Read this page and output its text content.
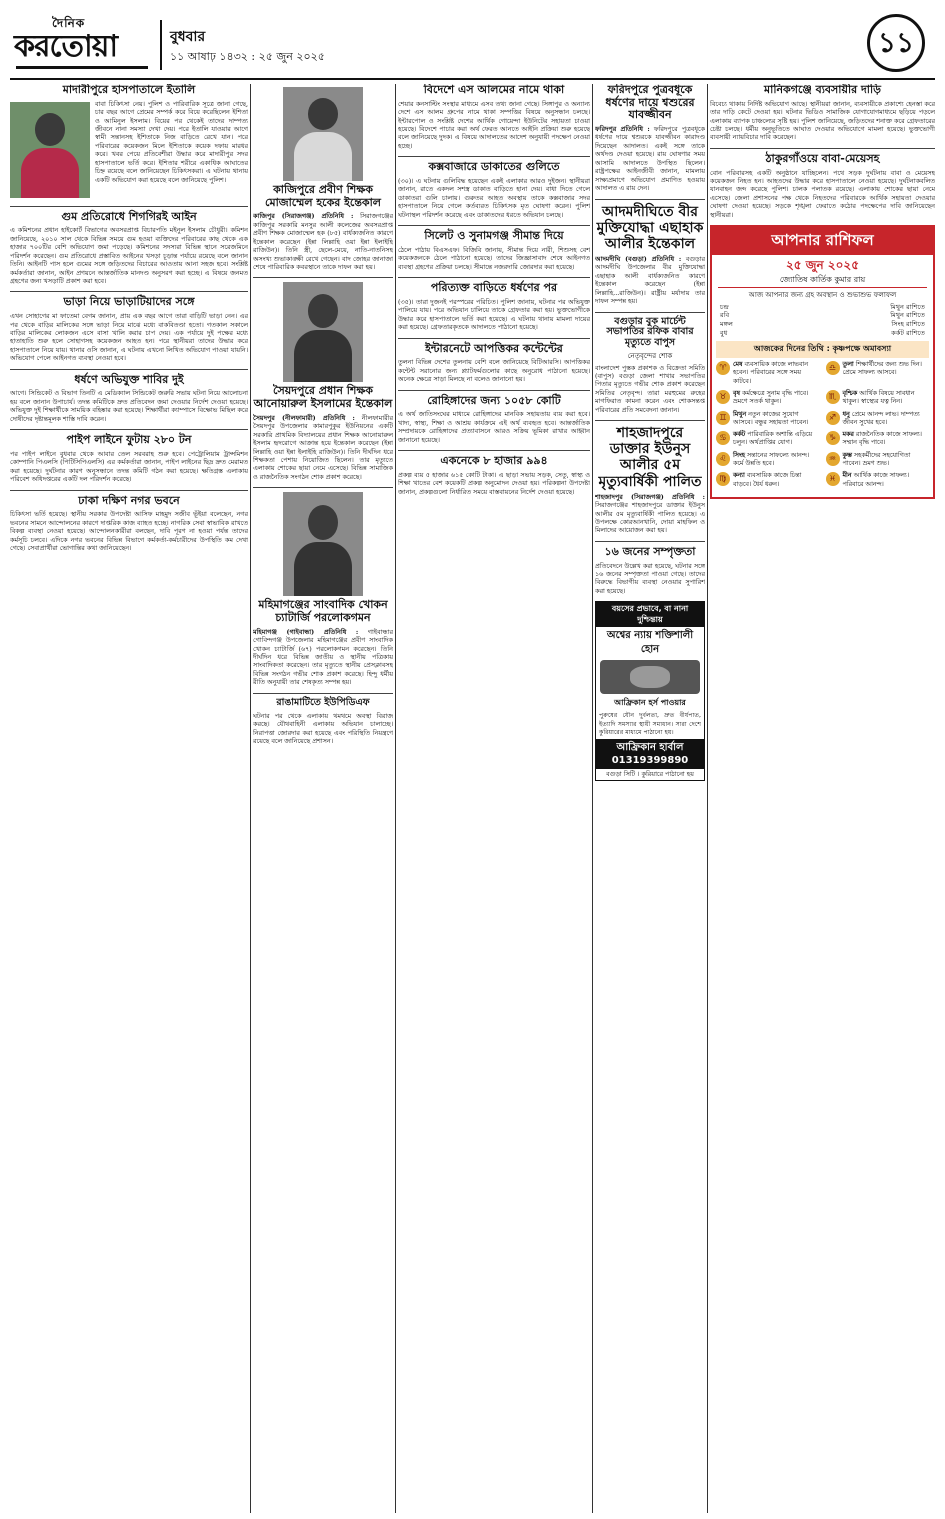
দৈনিক
করতোয়া	বুধবার
১১ আষাঢ় ১৪৩২ : ২৫ জুন ২০২৫	১১
মাদারীপুরে হাসপাতালে ইতালি

বাবা চিকিৎসা নেয়। পুলিশ ও পারিবারিক সূত্রে জানা গেছে, চার বছর আগে প্রেমের সম্পর্ক করে বিয়ে করেছিলেন ইশিতা ও আমিনুল ইসলাম। বিয়ের পর থেকেই তাদের দাম্পত্য জীবনে নানা সমস্যা দেখা দেয়। পরে ইতালি যাওয়ার আগে স্বামী সন্তানসহ ইশিতাকে নিজ বাড়িতে রেখে যান। পরে পরিবারের কয়েকজন মিলে ইশিতাকে কয়েক দফায় মারধর করে। খবর পেয়ে প্রতিবেশীরা উদ্ধার করে মাদারীপুর সদর হাসপাতালে ভর্তি করে। ইশিতার শরীরে একাধিক আঘাতের চিহ্ন রয়েছে বলে জানিয়েছেন চিকিৎসকরা। এ ঘটনায় থানায় একটি অভিযোগ করা হয়েছে বলে জানিয়েছে পুলিশ।

গুম প্রতিরোধে শিগগিরই আইন

এ কমিশনের প্রধান হাইকোর্ট বিভাগের অবসরপ্রাপ্ত বিচারপতি মইনুল ইসলাম চৌধুরী। কমিশন জানিয়েছে, ২০১০ সাল থেকে বিভিন্ন সময়ে গুম হওয়া ব্যক্তিদের পরিবারের কাছ থেকে এক হাজার ৭০০টির বেশি অভিযোগ জমা পড়েছে। কমিশনের সদস্যরা বিভিন্ন স্থানে সরেজমিনে পরিদর্শন করেছেন। গুম প্রতিরোধে প্রস্তাবিত আইনের খসড়া চূড়ান্ত পর্যায়ে রয়েছে বলে জানান তিনি। আইনটি পাস হলে গুমের সঙ্গে জড়িতদের বিচারের আওতায় আনা সহজ হবে। সংশ্লিষ্ট কর্মকর্তারা জানান, আইন প্রণয়নে আন্তর্জাতিক মানদণ্ড অনুসরণ করা হচ্ছে। এ বিষয়ে জনমত গ্রহণের জন্য খসড়াটি প্রকাশ করা হবে।

ভাড়া নিয়ে ভাড়াটিয়াদের সঙ্গে

এখন সোহাগের মা ফাতেমা বেগম জানান, প্রায় এক বছর আগে তারা বাড়িটি ভাড়া নেন। এর পর থেকে বাড়ির মালিকের সঙ্গে ভাড়া নিয়ে মাঝে মধ্যে বাকবিতণ্ডা হতো। গতকাল সকালে বাড়ির মালিকের লোকজন এসে বাসা খালি করার চাপ দেয়। এক পর্যায়ে দুই পক্ষের মধ্যে হাতাহাতি শুরু হলে সোহাগসহ কয়েকজন আহত হন। পরে স্থানীয়রা তাদের উদ্ধার করে হাসপাতালে নিয়ে যায়। থানার ওসি জানান, এ ঘটনায় এখনো লিখিত অভিযোগ পাওয়া যায়নি। অভিযোগ পেলে আইনগত ব্যবস্থা নেওয়া হবে।

ধর্ষণে অভিযুক্ত শাবির দুই

আগে। সিন্ডিকেট ও বিভাগ তিনটি এ মেডিক্যাল সিন্ডিকেট জরুরি সভায় ঘটনা নিয়ে আলোচনা হয় বলে জানান উপাচার্য। তদন্ত কমিটিকে দ্রুত প্রতিবেদন জমা দেওয়ার নির্দেশ দেওয়া হয়েছে। অভিযুক্ত দুই শিক্ষার্থীকে সাময়িক বহিষ্কার করা হয়েছে। শিক্ষার্থীরা ক্যাম্পাসে বিক্ষোভ মিছিল করে দোষীদের দৃষ্টান্তমূলক শাস্তি দাবি করেন।

পাইপ লাইনে ফুটায় ২৮০ টন

পর পাইপ লাইনে বুধবার থেকে আবার তেল সরবরাহ শুরু হবে। পেট্রোলিয়াম ট্রান্সমিশন কোম্পানি পিএলসি (পিটিসিপিএলসি) এর কর্মকর্তারা জানান, পাইপ লাইনের ছিদ্র দ্রুত মেরামত করা হয়েছে। দুর্ঘটনার কারণ অনুসন্ধানে তদন্ত কমিটি গঠন করা হয়েছে। ক্ষতিগ্রস্ত এলাকায় পরিবেশ অধিদপ্তরের একটি দল পরিদর্শন করেছে।

ঢাকা দক্ষিণ নগর ভবনে

চিকিৎসা ভর্তি হয়েছে। স্থানীয় সরকার উপদেষ্টা আসিফ মাহমুদ সজীব ভূঁইয়া বলেছেন, নগর ভবনের সামনে আন্দোলনের কারণে দাপ্তরিক কাজ ব্যাহত হচ্ছে। নাগরিক সেবা স্বাভাবিক রাখতে বিকল্প ব্যবস্থা নেওয়া হয়েছে। আন্দোলনকারীরা বলছেন, দাবি পূরণ না হওয়া পর্যন্ত তাদের কর্মসূচি চলবে। এদিকে নগর ভবনের বিভিন্ন বিভাগে কর্মকর্তা-কর্মচারীদের উপস্থিতি কম দেখা গেছে। সেবাপ্রার্থীরা ভোগান্তির কথা জানিয়েছেন।

কাজিপুরে প্রবীণ শিক্ষক মোজাম্মেল হকের ইন্তেকাল

কাজিপুর (সিরাজগঞ্জ) প্রতিনিধি : সিরাজগঞ্জের কাজিপুর সরকারি মনসুর আলী কলেজের অবসরপ্রাপ্ত প্রবীণ শিক্ষক মোজাম্মেল হক (৮৫) বার্ধক্যজনিত কারণে ইন্তেকাল করেছেন (ইন্না লিল্লাহি ওয়া ইন্না ইলাইহি রাজিউন)। তিনি স্ত্রী, ছেলে-মেয়ে, নাতি-নাতনিসহ অসংখ্য শুভাকাঙ্ক্ষী রেখে গেছেন। বাদ জোহর জানাজা শেষে পারিবারিক কবরস্থানে তাকে দাফন করা হয়।

সৈয়দপুরে প্রধান শিক্ষক আনোয়ারুল ইসলামের ইন্তেকাল

সৈয়দপুর (নীলফামারী) প্রতিনিধি : নীলফামারীর সৈয়দপুর উপজেলার কামারপুকুর ইউনিয়নের একটি সরকারি প্রাথমিক বিদ্যালয়ের প্রধান শিক্ষক আনোয়ারুল ইসলাম হৃদরোগে আক্রান্ত হয়ে ইন্তেকাল করেছেন (ইন্না লিল্লাহি ওয়া ইন্না ইলাইহি রাজিউন)। তিনি দীর্ঘদিন ধরে শিক্ষকতা পেশায় নিয়োজিত ছিলেন। তার মৃত্যুতে এলাকায় শোকের ছায়া নেমে এসেছে। বিভিন্ন সামাজিক ও রাজনৈতিক সংগঠন শোক প্রকাশ করেছে।

মহিমাগঞ্জের সাংবাদিক খোকন চ্যাটার্জি পরলোকগমন

মহিমাগঞ্জ (গাইবান্ধা) প্রতিনিধি : গাইবান্ধার গোবিন্দগঞ্জ উপজেলার মহিমাগঞ্জের প্রবীণ সাংবাদিক খোকন চ্যাটার্জি (৬৭) পরলোকগমন করেছেন। তিনি দীর্ঘদিন ধরে বিভিন্ন জাতীয় ও স্থানীয় পত্রিকায় সাংবাদিকতা করেছেন। তার মৃত্যুতে স্থানীয় প্রেসক্লাবসহ বিভিন্ন সংগঠন গভীর শোক প্রকাশ করেছে। হিন্দু ধর্মীয় রীতি অনুযায়ী তার শেষকৃত্য সম্পন্ন হয়।

রাঙামাটিতে ইউপিডিএফ

ঘটনার পর থেকে এলাকায় থমথমে অবস্থা বিরাজ করছে। যৌথবাহিনী এলাকায় অভিযান চালাচ্ছে। নিরাপত্তা জোরদার করা হয়েছে এবং পরিস্থিতি নিয়ন্ত্রণে রয়েছে বলে জানিয়েছে প্রশাসন।

বিদেশে এস আলমের নামে থাকা

শেয়ার কনসাল্টিং সংস্থার মাধ্যমে এসব তথ্য জানা গেছে। সিঙ্গাপুর ও অন্যান্য দেশে এস আলম গ্রুপের নামে থাকা সম্পত্তির বিষয়ে অনুসন্ধান চলছে। ইন্টারপোল ও সংশ্লিষ্ট দেশের আর্থিক গোয়েন্দা ইউনিটের সহায়তা চাওয়া হয়েছে। বিদেশে পাচার করা অর্থ ফেরত আনতে আইনি প্রক্রিয়া শুরু হয়েছে বলে জানিয়েছে দুদক। এ বিষয়ে আদালতের আদেশ অনুযায়ী পদক্ষেপ নেওয়া হচ্ছে।

কক্সবাজারে ডাকাতের গুলিতে

(৩০)। এ ঘটনায় গুলিবিদ্ধ হয়েছেন একই এলাকার আরও দুইজন। স্থানীয়রা জানান, রাতে একদল সশস্ত্র ডাকাত বাড়িতে হানা দেয়। বাধা দিতে গেলে ডাকাতরা গুলি চালায়। গুরুতর আহত অবস্থায় তাকে কক্সবাজার সদর হাসপাতালে নিয়ে গেলে কর্তব্যরত চিকিৎসক মৃত ঘোষণা করেন। পুলিশ ঘটনাস্থল পরিদর্শন করেছে এবং ডাকাতদের ধরতে অভিযান চলছে।

সিলেট ও সুনামগঞ্জ সীমান্ত দিয়ে

ঠেলে পাঠায় বিএসএফ। বিজিবি জানায়, সীমান্ত দিয়ে নারী, শিশুসহ বেশ কয়েকজনকে ঠেলে পাঠানো হয়েছে। তাদের জিজ্ঞাসাবাদ শেষে আইনগত ব্যবস্থা গ্রহণের প্রক্রিয়া চলছে। সীমান্তে নজরদারি জোরদার করা হয়েছে।

পরিত্যক্ত বাড়িতে ধর্ষণের পর

(৩৫)। তারা দুজনই পরস্পরের পরিচিত। পুলিশ জানায়, ঘটনার পর অভিযুক্ত পালিয়ে যায়। পরে অভিযান চালিয়ে তাকে গ্রেফতার করা হয়। ভুক্তভোগীকে উদ্ধার করে হাসপাতালে ভর্তি করা হয়েছে। এ ঘটনায় থানায় মামলা দায়ের করা হয়েছে। গ্রেফতারকৃতকে আদালতে পাঠানো হয়েছে।

ইন্টারনেটে আপত্তিকর কন্টেন্টের

তুলনা বিভিন্ন দেশের তুলনায় বেশি বলে জানিয়েছে বিটিআরসি। আপত্তিকর কন্টেন্ট সরানোর জন্য প্ল্যাটফর্মগুলোর কাছে অনুরোধ পাঠানো হয়েছে। অনেক ক্ষেত্রে সাড়া মিলছে না বলেও জানানো হয়।

রোহিঙ্গাদের জন্য ১০৫৮ কোটি

এ অর্থ জাতিসংঘের মাধ্যমে রোহিঙ্গাদের মানবিক সহায়তায় ব্যয় করা হবে। খাদ্য, স্বাস্থ্য, শিক্ষা ও আশ্রয় কার্যক্রমে এই অর্থ ব্যবহৃত হবে। আন্তর্জাতিক সম্প্রদায়কে রোহিঙ্গাদের প্রত্যাবাসনে আরও সক্রিয় ভূমিকা রাখার আহ্বান জানানো হয়েছে।

একনেকে ৮ হাজার ৯৯৪

প্রকল্প ব্যয় ৫ হাজার ৬১৫ কোটি টাকা। এ ছাড়া সভায় সড়ক, সেতু, স্বাস্থ্য ও শিক্ষা খাতের বেশ কয়েকটি প্রকল্প অনুমোদন দেওয়া হয়। পরিকল্পনা উপদেষ্টা জানান, প্রকল্পগুলো নির্ধারিত সময়ে বাস্তবায়নের নির্দেশ দেওয়া হয়েছে।

ফরিদপুরে পুত্রবধূকে ধর্ষণের দায়ে শ্বশুরের যাবজ্জীবন

ফরিদপুর প্রতিনিধি : ফরিদপুরে পুত্রবধূকে ধর্ষণের দায়ে শ্বশুরকে যাবজ্জীবন কারাদণ্ড দিয়েছেন আদালত। একই সঙ্গে তাকে অর্থদণ্ড দেওয়া হয়েছে। রায় ঘোষণার সময় আসামি আদালতে উপস্থিত ছিলেন। রাষ্ট্রপক্ষের আইনজীবী জানান, মামলায় সাক্ষ্যপ্রমাণে অভিযোগ প্রমাণিত হওয়ায় আদালত এ রায় দেন।

আদমদীঘিতে বীর মুক্তিযোদ্ধা এছাহাক আলীর ইন্তেকাল

আদমদীঘি (বগুড়া) প্রতিনিধি : বগুড়ার আদমদীঘি উপজেলার বীর মুক্তিযোদ্ধা এছাহাক আলী বার্ধক্যজনিত কারণে ইন্তেকাল করেছেন (ইন্না লিল্লাহি...রাজিউন)। রাষ্ট্রীয় মর্যাদায় তার দাফন সম্পন্ন হয়।

বগুড়ার বুক মার্চেন্ট সভাপতির রফিক বাবার মৃত্যুতে বাপুস
নেতৃবৃন্দের শোক

বাংলাদেশ পুস্তক প্রকাশক ও বিক্রেতা সমিতি (বাপুস) বগুড়া জেলা শাখার সভাপতির পিতার মৃত্যুতে গভীর শোক প্রকাশ করেছেন সমিতির নেতৃবৃন্দ। তারা মরহুমের রুহের মাগফিরাত কামনা করেন এবং শোকসন্তপ্ত পরিবারের প্রতি সমবেদনা জানান।

শাহজাদপুরে ডাক্তার ইউনুস আলীর ৫ম মৃত্যুবার্ষিকী পালিত

শাহজাদপুর (সিরাজগঞ্জ) প্রতিনিধি : সিরাজগঞ্জের শাহজাদপুরে ডাক্তার ইউনুস আলীর ৫ম মৃত্যুবার্ষিকী পালিত হয়েছে। এ উপলক্ষে কোরআনখানি, দোয়া মাহফিল ও মিলাদের আয়োজন করা হয়।

১৬ জনের সম্পৃক্ততা

প্রতিবেদনে উল্লেখ করা হয়েছে, ঘটনার সঙ্গে ১৬ জনের সম্পৃক্ততা পাওয়া গেছে। তাদের বিরুদ্ধে বিভাগীয় ব্যবস্থা নেওয়ার সুপারিশ করা হয়েছে।

বয়সের প্রভাবে, বা নানা দুশ্চিন্তায়
অশ্বের ন্যায় শক্তিশালী হোন
আফ্রিকান হর্স পাওয়ার
পুরুষের যৌন দুর্বলতা, দ্রুত বীর্যপাত, ইত্যাদি সমস্যার স্থায়ী সমাধান। সারা দেশে কুরিয়ারের মাধ্যমে পাঠানো হয়।
আফ্রিকান হার্বাল 01319399890
বগুড়া সিটি । কুরিয়ারে পাঠানো হয়
মানিকগঞ্জে ব্যবসায়ীর দাড়ি

বিবেচ্য থাকায় নির্দিষ্ট অভিযোগ আছে। স্থানীয়রা জানান, ব্যবসায়ীকে প্রকাশ্যে হেনস্তা করে তার দাড়ি কেটে দেওয়া হয়। ঘটনার ভিডিও সামাজিক যোগাযোগমাধ্যমে ছড়িয়ে পড়লে এলাকায় ব্যাপক চাঞ্চল্যের সৃষ্টি হয়। পুলিশ জানিয়েছে, জড়িতদের শনাক্ত করে গ্রেফতারের চেষ্টা চলছে। ধর্মীয় অনুভূতিতে আঘাত দেওয়ার অভিযোগে মামলা হয়েছে। ভুক্তভোগী ব্যবসায়ী ন্যায়বিচার দাবি করেছেন।

ঠাকুরগাঁওয়ে বাবা-মেয়েসহ

বোন পরিবারসহ একটি অনুষ্ঠানে যাচ্ছিলেন। পথে সড়ক দুর্ঘটনায় বাবা ও মেয়েসহ কয়েকজন নিহত হন। আহতদের উদ্ধার করে হাসপাতালে নেওয়া হয়েছে। দুর্ঘটনাকবলিত যানবাহন জব্দ করেছে পুলিশ। চালক পলাতক রয়েছে। এলাকায় শোকের ছায়া নেমে এসেছে। জেলা প্রশাসনের পক্ষ থেকে নিহতদের পরিবারকে আর্থিক সহায়তা দেওয়ার ঘোষণা দেওয়া হয়েছে। সড়কে শৃঙ্খলা ফেরাতে কঠোর পদক্ষেপের দাবি জানিয়েছেন স্থানীয়রা।

আপনার রাশিফল
২৫ জুন ২০২৫
জ্যোতিষ কার্তিক কুমার রায়
আজ আপনার জন্য গ্রহ অবস্থান ও শুভাশুভ ফলাফল
চন্দ্র	মিথুন রাশিতে
রবি	মিথুন রাশিতে
মঙ্গল	সিংহ রাশিতে
বুধ	কর্কট রাশিতে
আজকের দিনের তিথি : কৃষ্ণপক্ষে অমাবস্যা
♈	মেষ ব্যবসায়িক কাজে লাভবান হবেন। পরিবারের সঙ্গে সময় কাটবে।
♎	তুলা শিক্ষার্থীদের জন্য শুভ দিন। প্রেমে সাফল্য আসবে।
♉	বৃষ কর্মক্ষেত্রে সুনাম বৃদ্ধি পাবে। ভ্রমণে সতর্ক থাকুন।
♏	বৃশ্চিক আর্থিক বিষয়ে সাবধান থাকুন। স্বাস্থ্যের যত্ন নিন।
♊	মিথুন নতুন কাজের সুযোগ আসবে। বন্ধুর সহায়তা পাবেন।
♐	ধনু প্রেমে আনন্দ লাভ। দাম্পত্য জীবন সুখের হবে।
♋	কর্কট পারিবারিক অশান্তি এড়িয়ে চলুন। অর্থপ্রাপ্তির যোগ।
♑	মকর রাজনৈতিক কাজে সাফল্য। সম্মান বৃদ্ধি পাবে।
♌	সিংহ সন্তানের সাফল্যে আনন্দ। কর্মে উন্নতি হবে।
♒	কুম্ভ সহকর্মীদের সহযোগিতা পাবেন। ভ্রমণ শুভ।
♍	কন্যা ব্যবসায়িক কাজে চিন্তা বাড়বে। ধৈর্য ধরুন।
♓	মীন আর্থিক কাজে সাফল্য। পরিবারে আনন্দ।
